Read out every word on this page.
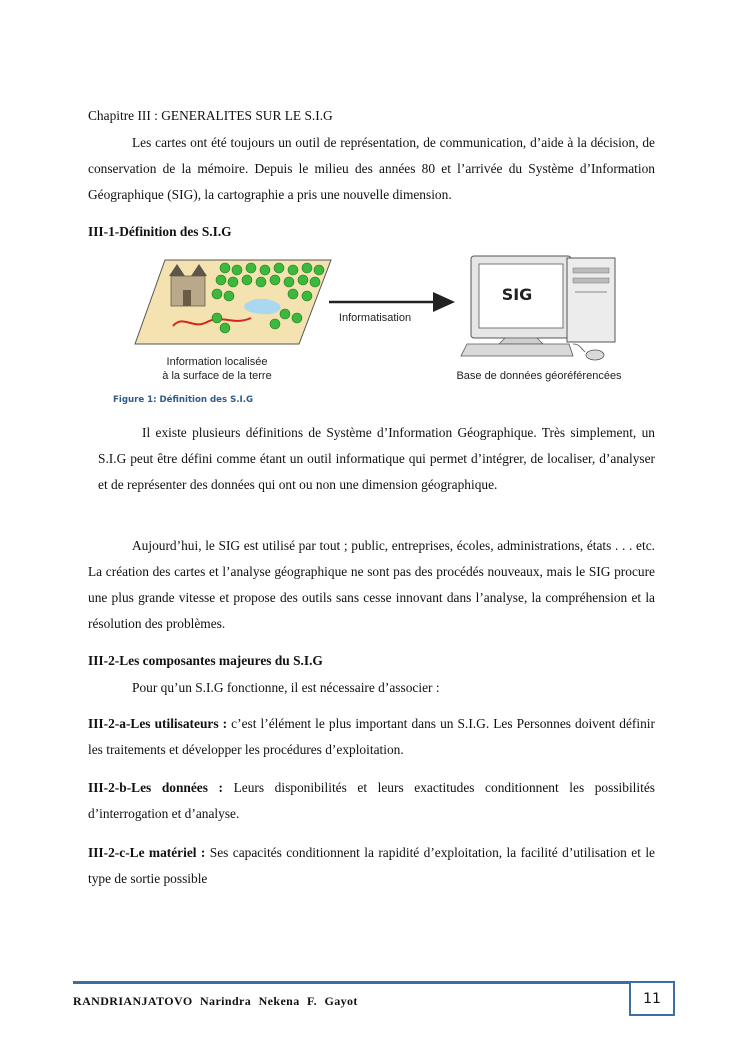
Chapitre III : GENERALITES SUR LE S.I.G
Les cartes ont été toujours un outil de représentation, de communication, d’aide à la décision, de conservation de la mémoire. Depuis le milieu des années 80 et l’arrivée du Système d’Information Géographique (SIG), la cartographie a pris une nouvelle dimension.
III-1-Définition des S.I.G
Information localisée
à la surface de la terre
Informatisation
SIG
Base de données géoréférencées
Figure 1: Définition des S.I.G
Il existe plusieurs définitions de Système d’Information Géographique. Très simplement, un S.I.G peut être défini comme étant un outil informatique qui permet d’intégrer, de localiser, d’analyser et de représenter des données qui ont ou non une dimension géographique.
Aujourd’hui, le SIG est utilisé par tout ; public, entreprises, écoles, administrations, états . . . etc. La création des cartes et l’analyse géographique ne sont pas des procédés nouveaux, mais le SIG procure une plus grande vitesse et propose des outils sans cesse innovant dans l’analyse, la compréhension et la résolution des problèmes.
III-2-Les composantes majeures du S.I.G
Pour qu’un S.I.G fonctionne, il est nécessaire d’associer :
III-2-a-Les utilisateurs : c’est l’élément le plus important dans un S.I.G. Les Personnes doivent définir les traitements et développer les procédures d’exploitation.
III-2-b-Les données : Leurs disponibilités et leurs exactitudes conditionnent les possibilités d’interrogation et d’analyse.
III-2-c-Le matériel : Ses capacités conditionnent la rapidité d’exploitation, la facilité d’utilisation et le type de sortie possible
RANDRIANJATOVO Narindra Nekena F. Gayot	11
